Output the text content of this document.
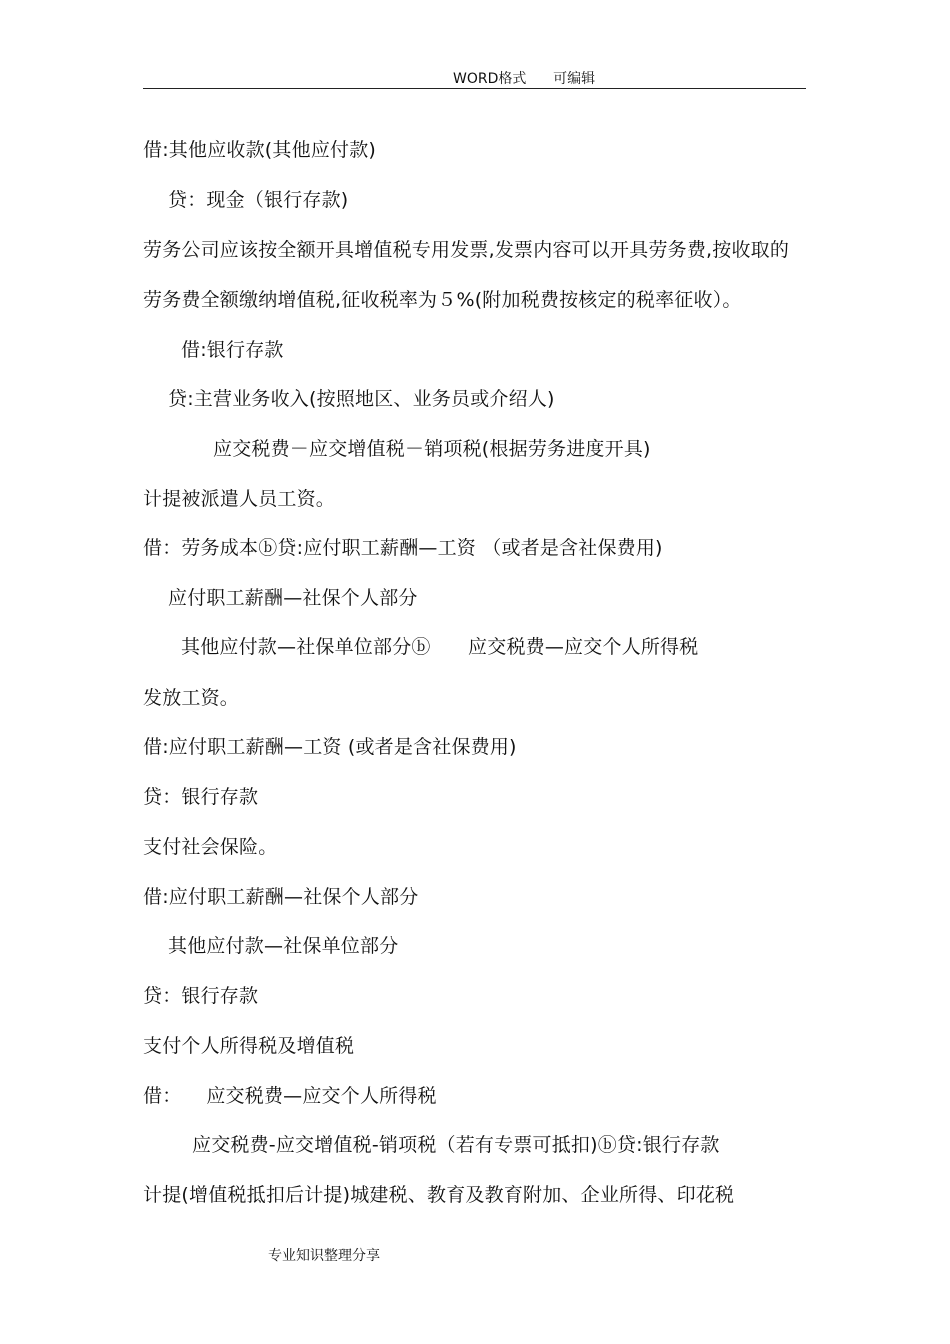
WORD格式      可编辑
借:其他应收款(其他应付款)
贷：现金（银行存款)
劳务公司应该按全额开具增值税专用发票,发票内容可以开具劳务费,按收取的
劳务费全额缴纳增值税,征收税率为５%(附加税费按核定的税率征收）。
借:银行存款
贷:主营业务收入(按照地区、业务员或介绍人)
应交税费－应交增值税－销项税(根据劳务进度开具)
计提被派遣人员工资。
借：劳务成本ⓑ贷:应付职工薪酬—工资 （或者是含社保费用)
应付职工薪酬—社保个人部分
其他应付款—社保单位部分ⓑ      应交税费—应交个人所得税
发放工资。
借:应付职工薪酬—工资 (或者是含社保费用)
贷：银行存款
支付社会保险。
借:应付职工薪酬—社保个人部分
其他应付款—社保单位部分
贷：银行存款
支付个人所得税及增值税
借：    应交税费—应交个人所得税
应交税费-应交增值税-销项税（若有专票可抵扣)ⓑ贷:银行存款
计提(增值税抵扣后计提)城建税、教育及教育附加、企业所得、印花税
专业知识整理分享
